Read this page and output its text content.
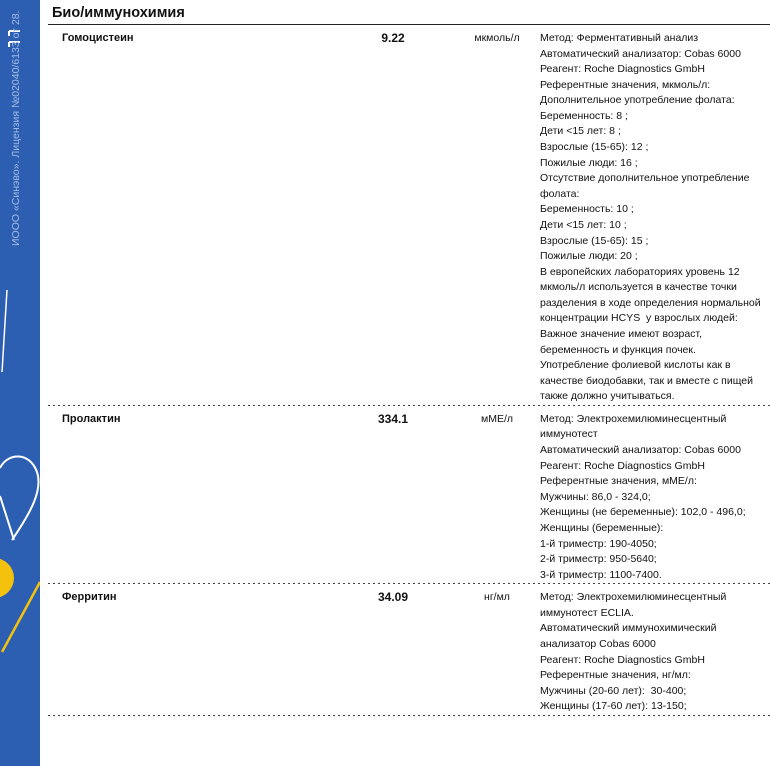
ИООО «Синэво». Лицензия №02040/6133 от 28. Био/иммунохимия
Гомоцистеин	9.22	мкмоль/л	Метод: Ферментативный анализ
Автоматический анализатор: Cobas 6000
Реагент: Roche Diagnostics GmbH
Референтные значения, мкмоль/л:
Дополнительное употребление фолата:
Беременность: 8 ;
Дети <15 лет: 8 ;
Взрослые (15-65): 12 ;
Пожилые люди: 16 ;
Отсутствие дополнительное употребление
фолата:
Беременность: 10 ;
Дети <15 лет: 10 ;
Взрослые (15-65): 15 ;
Пожилые люди: 20 ;
В европейских лабораториях уровень 12
мкмоль/л используется в качестве точки
разделения в ходе определения нормальной
концентрации HCYS  у взрослых людей:
Важное значение имеют возраст,
беременность и функция почек.
Употребление фолиевой кислоты как в
качестве биодобавки, так и вместе с пищей
также должно учитываться.
Пролактин	334.1	мМЕ/л	Метод: Электрохемилюминесцентный
иммунотест
Автоматический анализатор: Cobas 6000
Реагент: Roche Diagnostics GmbH
Референтные значения, мМЕ/л:
Мужчины: 86,0 - 324,0;
Женщины (не беременные): 102,0 - 496,0;
Женщины (беременные):
1-й триместр: 190-4050;
2-й триместр: 950-5640;
3-й триместр: 1100-7400.
Ферритин	34.09	нг/мл	Метод: Электрохемилюминесцентный
иммунотест ECLIA.
Автоматический иммунохимический
анализатор Cobas 6000
Реагент: Roche Diagnostics GmbH
Референтные значения, нг/мл:
Мужчины (20-60 лет):  30-400;
Женщины (17-60 лет): 13-150;
